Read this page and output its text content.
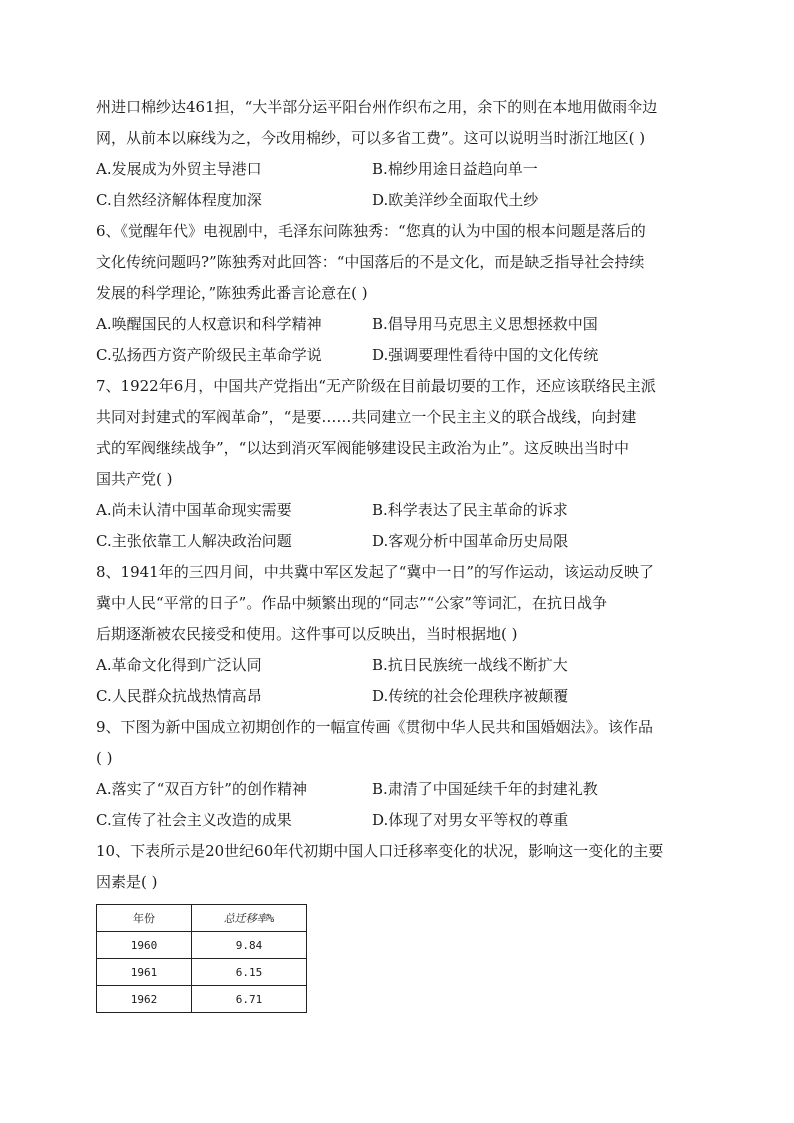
州进口棉纱达461担，“大半部分运平阳台州作织布之用，余下的则在本地用做雨伞边
网，从前本以麻线为之，今改用棉纱，可以多省工费”。这可以说明当时浙江地区( )
A.发展成为外贸主导港口	B.棉纱用途日益趋向单一
C.自然经济解体程度加深	D.欧美洋纱全面取代土纱
6、《觉醒年代》电视剧中，毛泽东问陈独秀：“您真的认为中国的根本问题是落后的
文化传统问题吗?”陈独秀对此回答：“中国落后的不是文化，而是缺乏指导社会持续
发展的科学理论，”陈独秀此番言论意在( )
A.唤醒国民的人权意识和科学精神	B.倡导用马克思主义思想拯救中国
C.弘扬西方资产阶级民主革命学说	D.强调要理性看待中国的文化传统
7、1922年6月，中国共产党指出“无产阶级在目前最切要的工作，还应该联络民主派
共同对封建式的军阀革命”，“是要……共同建立一个民主主义的联合战线，向封建
式的军阀继续战争”，“以达到消灭军阀能够建设民主政治为止”。这反映出当时中
国共产党( )
A.尚未认清中国革命现实需要	B.科学表达了民主革命的诉求
C.主张依靠工人解决政治问题	D.客观分析中国革命历史局限
8、1941年的三四月间，中共冀中军区发起了“冀中一日”的写作运动，该运动反映了
冀中人民“平常的日子”。作品中频繁出现的“同志”“公家”等词汇，在抗日战争
后期逐渐被农民接受和使用。这件事可以反映出，当时根据地( )
A.革命文化得到广泛认同	B.抗日民族统一战线不断扩大
C.人民群众抗战热情高昂	D.传统的社会伦理秩序被颠覆
9、下图为新中国成立初期创作的一幅宣传画《贯彻中华人民共和国婚姻法》。该作品
( )
A.落实了“双百方针”的创作精神	B.肃清了中国延续千年的封建礼教
C.宣传了社会主义改造的成果	D.体现了对男女平等权的尊重
10、下表所示是20世纪60年代初期中国人口迁移率变化的状况，影响这一变化的主要
因素是( )
年份	总迁移率%
1960	9.84
1961	6.15
1962	6.71
